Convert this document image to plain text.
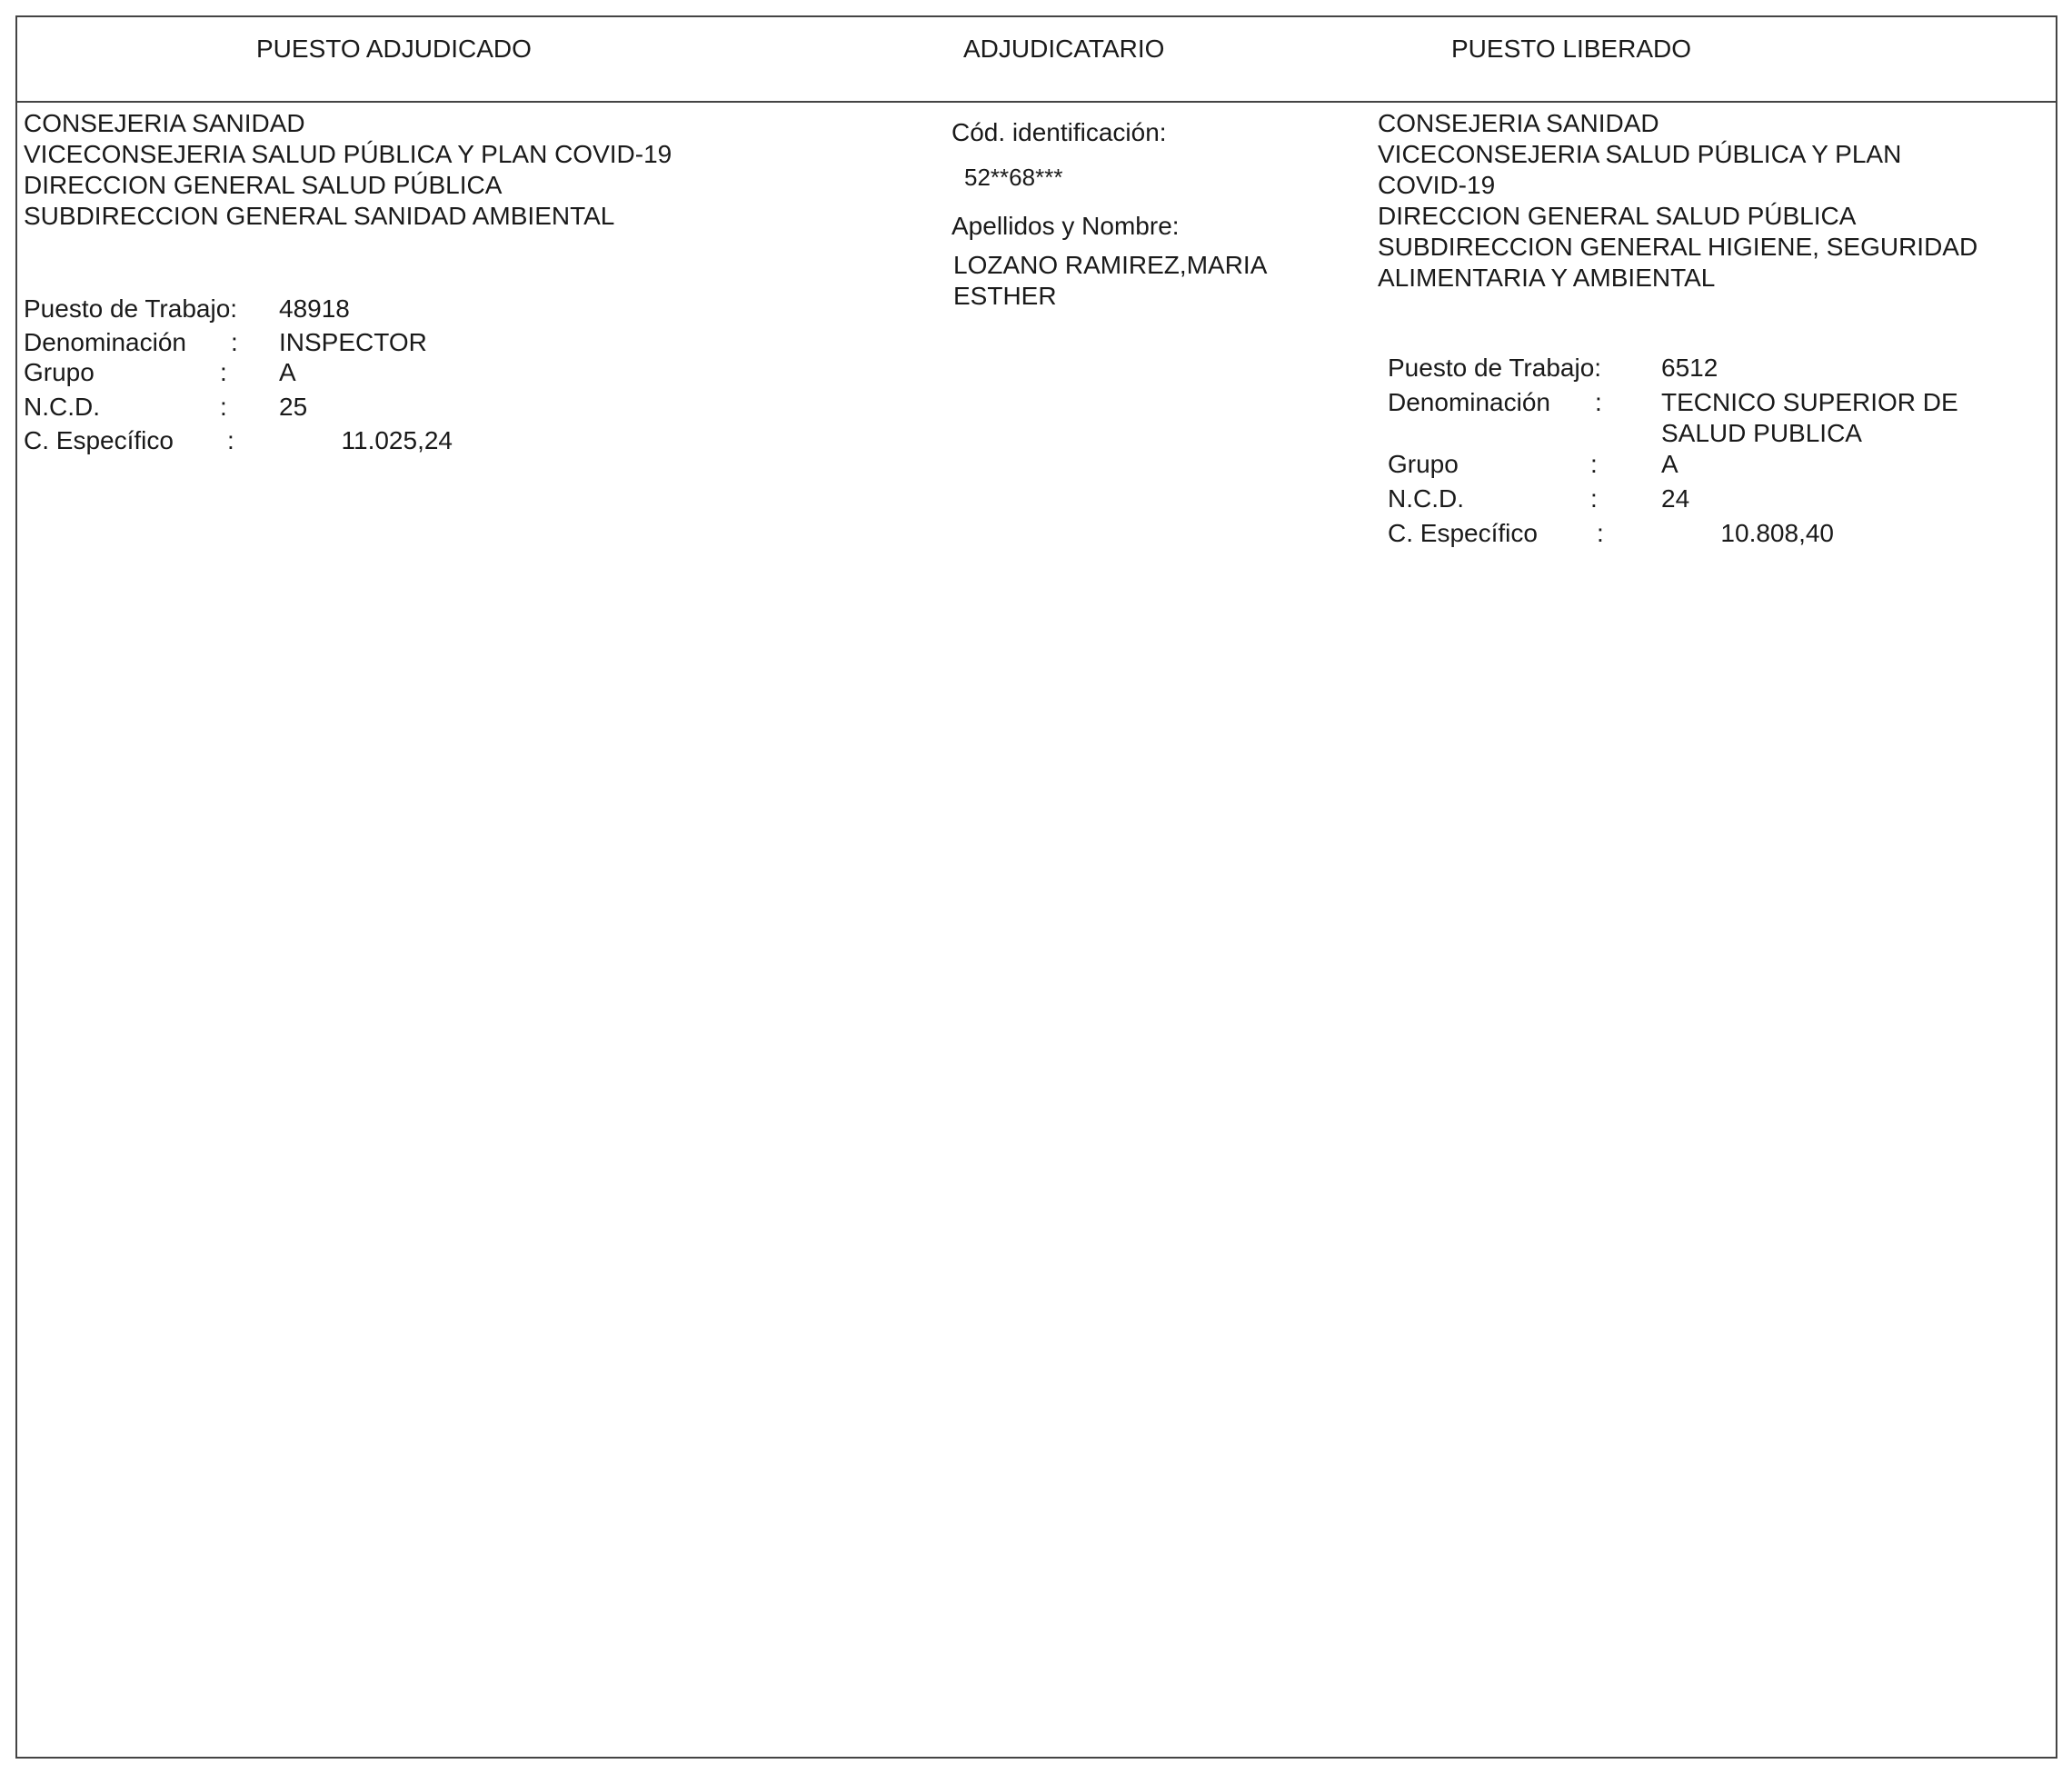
PUESTO ADJUDICADO	ADJUDICATARIO	PUESTO LIBERADO
CONSEJERIA SANIDAD
VICECONSEJERIA SALUD PÚBLICA Y PLAN COVID-19
DIRECCION GENERAL SALUD PÚBLICA
SUBDIRECCION GENERAL SANIDAD AMBIENTAL
Puesto de Trabajo: 48918
Denominación : INSPECTOR
Grupo	: A
N.C.D.	: 25
C. Específico :	11.025,24
Cód. identificación:
52**68***
Apellidos y Nombre:
LOZANO RAMIREZ,MARIA
ESTHER
CONSEJERIA SANIDAD
VICECONSEJERIA SALUD PÚBLICA Y PLAN
COVID-19
DIRECCION GENERAL SALUD PÚBLICA
SUBDIRECCION GENERAL HIGIENE, SEGURIDAD
ALIMENTARIA Y AMBIENTAL
Puesto de Trabajo: 6512
Denominación : TECNICO SUPERIOR DE
SALUD PUBLICA
Grupo	:	A
N.C.D.	:	24
C. Específico :	10.808,40
